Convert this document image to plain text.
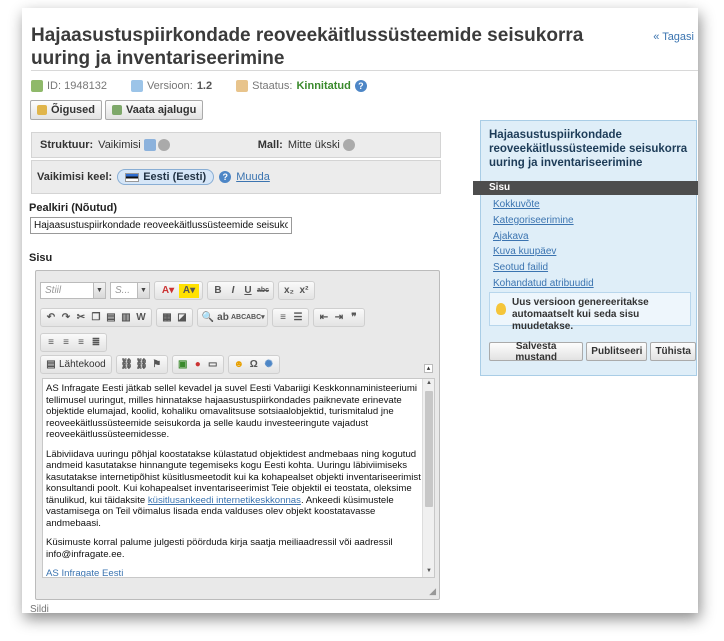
Hajaasustuspiirkondade reoveekäitlussüsteemide seisukorra uuring ja inventariseerimine
« Tagasi
ID: 1948132	Versioon: 1.2	Staatus: Kinnitatud ?
Õigused	Vaata ajalugu
Struktuur: Vaikimisi	Mall: Mitte ükski
Vaikimisi keel:	Eesti (Eesti)	? Muuda
Pealkiri (Nõutud)
Hajaasustuspiirkondade reoveekäitlussüsteemide seisukorra uuring ja inventariseerimine
Sisu
Stiil	▼ S...	▼	A▾ A▾	B	I U abc x₂ x²
↶ ↷ ✂ ❐ ▤ ▥ W ▦ ◪ 🔍 ab ABC ABC▾	≡ ☰ ⇤ ⇥ ❞
≡ ≡ ≡ ≣
▤ Lähtekood ⛓ ⛓ ⚑ ▣ ● ▭ ☻ Ω ✺	▴

AS Infragate Eesti jätkab sellel kevadel ja suvel Eesti Vabariigi Keskkonnaministeeriumi tellimusel uuringut, milles hinnatakse hajaasustuspiirkondades paiknevate erinevate objektide elumajad, koolid, kohaliku omavalitsuse sotsiaalobjektid, turismitalud jne reoveekäitlussüsteemide seisukorda ja selle kaudu investeeringute vajadust reoveekäitlussüsteemidesse.

Läbiviidava uuringu põhjal koostatakse külastatud objektidest andmebaas ning kogutud andmeid kasutatakse hinnangute tegemiseks kogu Eesti kohta. Uuringu läbiviimiseks kasutatakse internetipõhist küsitlusmeetodit kui ka kohapealset objekti inventariseerimist konsultandi poolt. Kui kohapealset inventariseerimist Teie objektil ei teostata, oleksime tänulikud, kui täidaksite küsitlusankeedi internetikeskkonnas. Ankeedi küsimustele vastamisega on Teil võimalus lisada enda valduses olev objekt koostatavasse andmebaasi.

Küsimuste korral palume julgesti pöörduda kirja saatja meiliaadressil või aadressil info@infragate.ee.

AS Infragate Eesti

▲
▼
◢
Sildi
Hajaasustuspiirkondade reoveekäitlussüsteemide seisukorra uuring ja inventariseerimine
Sisu
Kokkuvõte
Kategoriseerimine
Ajakava
Kuva kuupäev
Seotud failid
Kohandatud atribuudid
Uus versioon genereeritakse automaatselt kui seda sisu muudetakse.
Salvesta mustand	Publitseeri	Tühista
